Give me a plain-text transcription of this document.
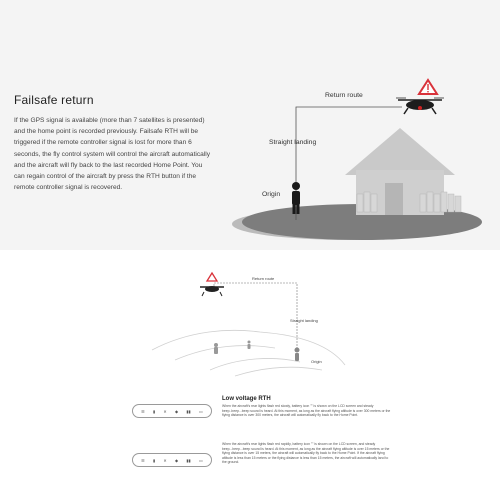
Failsafe return
If the GPS signal is available (more than 7 satellites is presented) and the home point is recorded previously. Failsafe RTH will be triggered if the remote controller signal is lost for more than 6 seconds, the fly control system will control the aircraft automatically and the aircraft will fly back to the last recorded Home Point. You can regain control of the aircraft by press the RTH button if the remote controller signal is recovered.
Return route
Straight landing
Origin
Return route
Straight landing
Origin
Low voltage RTH
When the aircraft's rear lights flash red slowly, battery icon "" is shown on the LCD screen and steady beep..beep...beep sound is heard. At this moment, as long as the aircraft flying altitude is over 300 meters or the flying distance is over 300 meters, the aircraft will automatically fly back to the Home Point.
When the aircraft's rear lights flash red rapidly, battery icon "" is shown on the LCD screen, and steady beep...beep...beep sound is heard. At this moment, as long as the aircraft flying altitude is over 15 meters or the flying distance is over 15 meters, the aircraft will automatically fly back to the Home Point. If the aircraft flying altitude is less than 15 meters or the flying distance is less than 15 meters, the aircraft will automatically land to the ground.
☰ ▮ ✕ ◆ ▮▮ ▭
☰ ▮ ✕ ◆ ▮▮ ▭
